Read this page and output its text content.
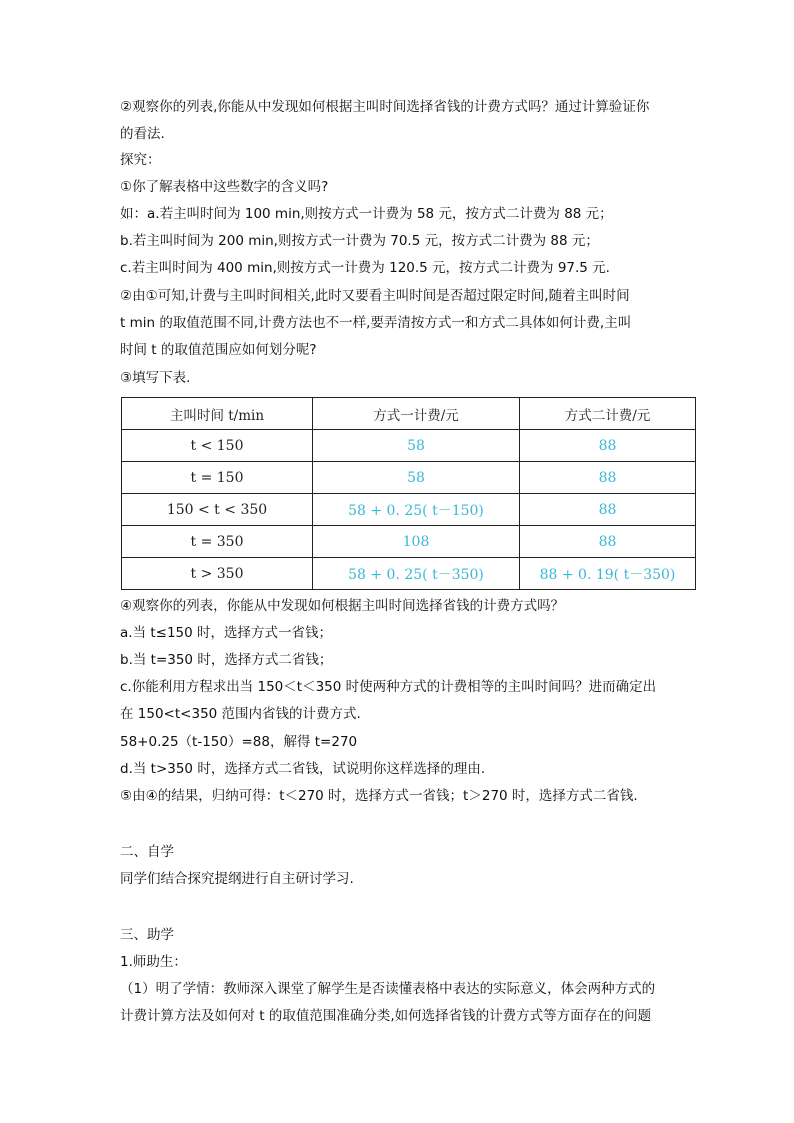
②观察你的列表,你能从中发现如何根据主叫时间选择省钱的计费方式吗？通过计算验证你
的看法.
探究：
①你了解表格中这些数字的含义吗?
如：a.若主叫时间为 100 min,则按方式一计费为 58 元，按方式二计费为 88 元；
b.若主叫时间为 200 min,则按方式一计费为 70.5 元，按方式二计费为 88 元；
c.若主叫时间为 400 min,则按方式一计费为 120.5 元，按方式二计费为 97.5 元.
②由①可知,计费与主叫时间相关,此时又要看主叫时间是否超过限定时间,随着主叫时间
t min 的取值范围不同,计费方法也不一样,要弄清按方式一和方式二具体如何计费,主叫
时间 t 的取值范围应如何划分呢?
③填写下表.
主叫时间 t/min	方式一计费/元	方式二计费/元
t < 150	58	88
t = 150	58	88
150 < t < 350	58 + 0. 25( t－150)	88
t = 350	108	88
t > 350	58 + 0. 25( t－350)	88 + 0. 19( t－350)
④观察你的列表，你能从中发现如何根据主叫时间选择省钱的计费方式吗？
a.当 t≤150 时，选择方式一省钱；
b.当 t=350 时，选择方式二省钱；
c.你能利用方程求出当 150＜t＜350 时使两种方式的计费相等的主叫时间吗？进而确定出
在 150<t<350 范围内省钱的计费方式.
58+0.25（t-150）=88，解得 t=270
d.当 t>350 时，选择方式二省钱，试说明你这样选择的理由.
⑤由④的结果，归纳可得：t＜270 时，选择方式一省钱；t＞270 时，选择方式二省钱.
二、自学
同学们结合探究提纲进行自主研讨学习.
三、助学
1.师助生：
（1）明了学情：教师深入课堂了解学生是否读懂表格中表达的实际意义，体会两种方式的
计费计算方法及如何对 t 的取值范围准确分类,如何选择省钱的计费方式等方面存在的问题
